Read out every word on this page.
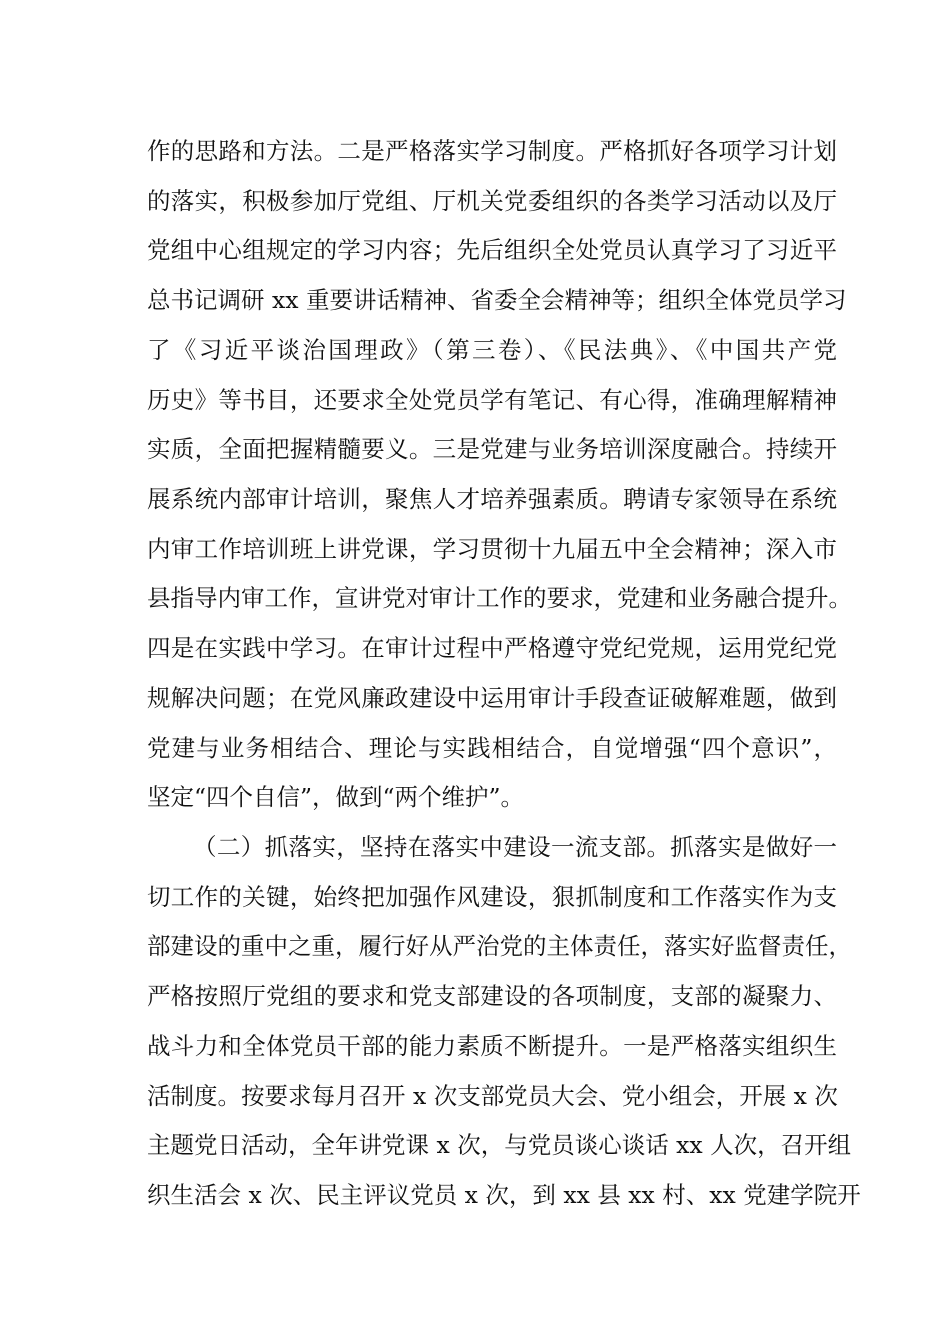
作的思路和方法。二是严格落实学习制度。严格抓好各项学习计划
的落实，积极参加厅党组、厅机关党委组织的各类学习活动以及厅
党组中心组规定的学习内容；先后组织全处党员认真学习了习近平
总书记调研 xx 重要讲话精神、省委全会精神等；组织全体党员学习
了《习近平谈治国理政》（第三卷）、《民法典》、《中国共产党
历史》等书目，还要求全处党员学有笔记、有心得，准确理解精神
实质，全面把握精髓要义。三是党建与业务培训深度融合。持续开
展系统内部审计培训，聚焦人才培养强素质。聘请专家领导在系统
内审工作培训班上讲党课，学习贯彻十九届五中全会精神；深入市
县指导内审工作，宣讲党对审计工作的要求，党建和业务融合提升。
四是在实践中学习。在审计过程中严格遵守党纪党规，运用党纪党
规解决问题；在党风廉政建设中运用审计手段查证破解难题，做到
党建与业务相结合、理论与实践相结合，自觉增强“四个意识”，
坚定“四个自信”，做到“两个维护”。
（二）抓落实，坚持在落实中建设一流支部。抓落实是做好一
切工作的关键，始终把加强作风建设，狠抓制度和工作落实作为支
部建设的重中之重，履行好从严治党的主体责任，落实好监督责任，
严格按照厅党组的要求和党支部建设的各项制度，支部的凝聚力、
战斗力和全体党员干部的能力素质不断提升。一是严格落实组织生
活制度。按要求每月召开 x 次支部党员大会、党小组会，开展 x 次
主题党日活动，全年讲党课 x 次，与党员谈心谈话 xx 人次，召开组
织生活会 x 次、民主评议党员 x 次，到 xx 县 xx 村、xx 党建学院开
